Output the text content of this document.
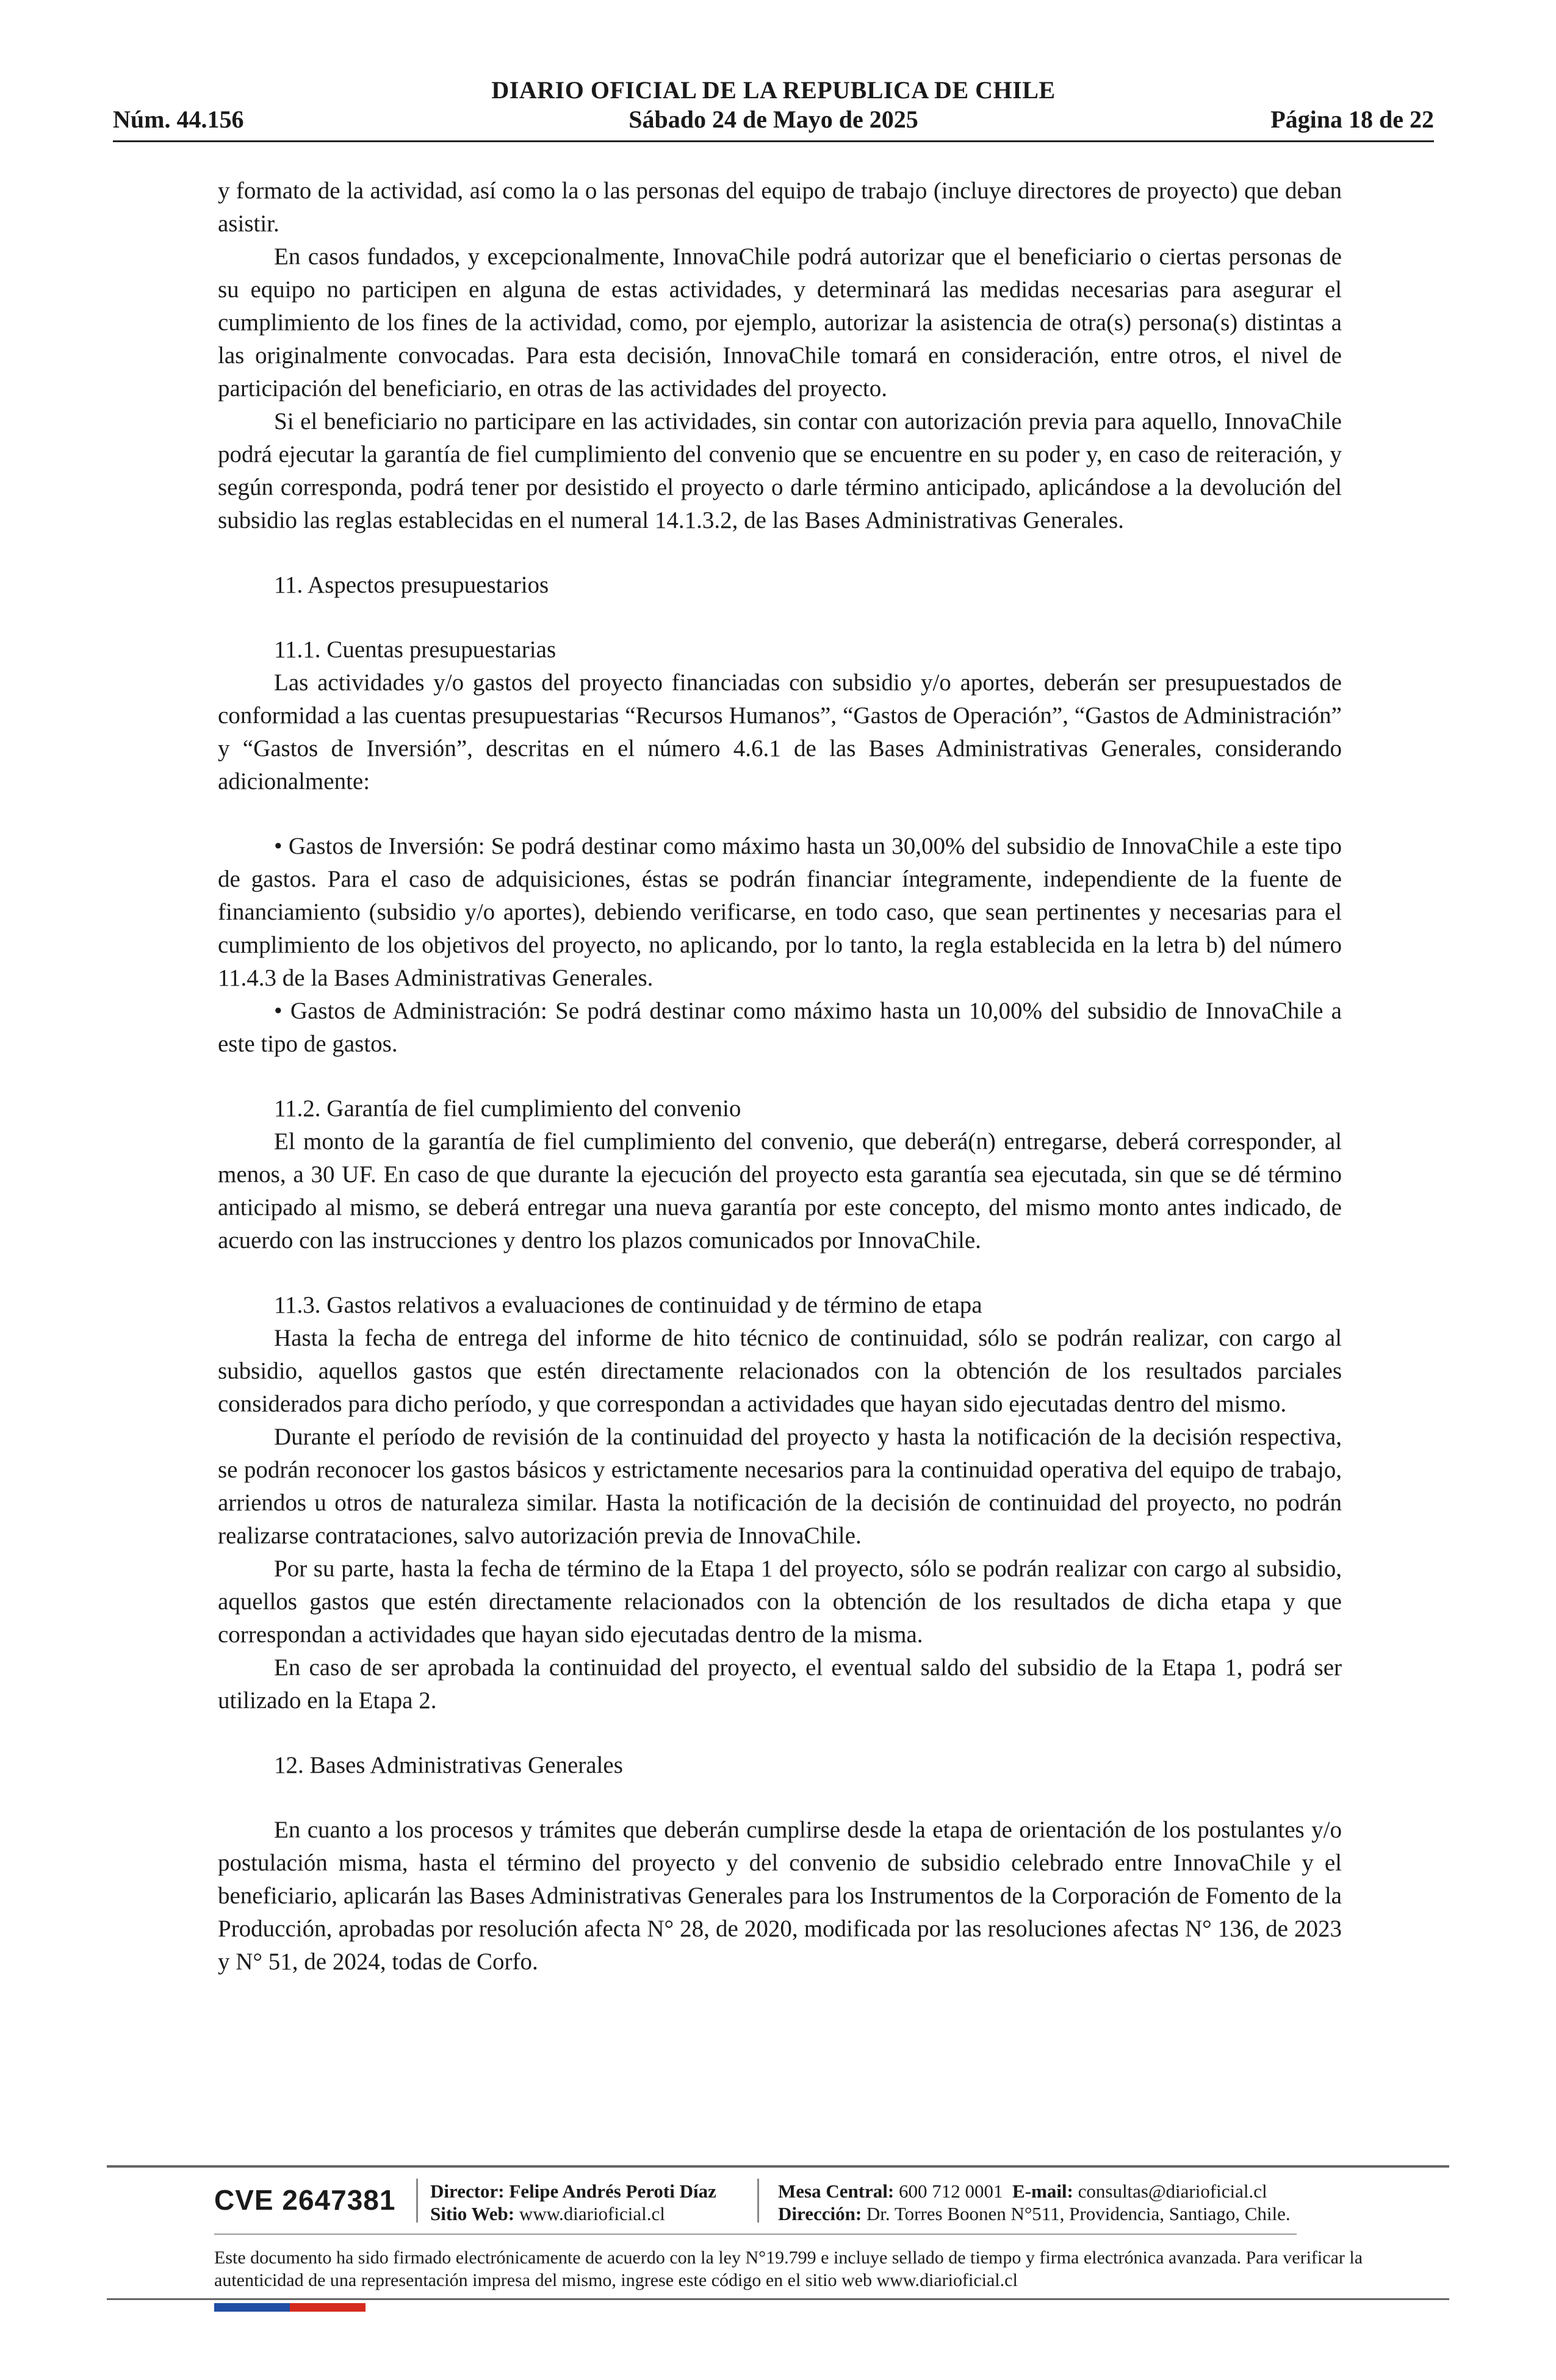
Núm. 44.156
DIARIO OFICIAL DE LA REPUBLICA DE CHILE
Sábado 24 de Mayo de 2025	Página 18 de 22

y formato de la actividad, así como la o las personas del equipo de trabajo (incluye directores de proyecto) que deban asistir.

En casos fundados, y excepcionalmente, InnovaChile podrá autorizar que el beneficiario o ciertas personas de su equipo no participen en alguna de estas actividades, y determinará las medidas necesarias para asegurar el cumplimiento de los fines de la actividad, como, por ejemplo, autorizar la asistencia de otra(s) persona(s) distintas a las originalmente convocadas. Para esta decisión, InnovaChile tomará en consideración, entre otros, el nivel de participación del beneficiario, en otras de las actividades del proyecto.

Si el beneficiario no participare en las actividades, sin contar con autorización previa para aquello, InnovaChile podrá ejecutar la garantía de fiel cumplimiento del convenio que se encuentre en su poder y, en caso de reiteración, y según corresponda, podrá tener por desistido el proyecto o darle término anticipado, aplicándose a la devolución del subsidio las reglas establecidas en el numeral 14.1.3.2, de las Bases Administrativas Generales.

11. Aspectos presupuestarios

11.1. Cuentas presupuestarias

Las actividades y/o gastos del proyecto financiadas con subsidio y/o aportes, deberán ser presupuestados de conformidad a las cuentas presupuestarias “Recursos Humanos”, “Gastos de Operación”, “Gastos de Administración” y “Gastos de Inversión”, descritas en el número 4.6.1 de las Bases Administrativas Generales, considerando adicionalmente:

• Gastos de Inversión: Se podrá destinar como máximo hasta un 30,00% del subsidio de InnovaChile a este tipo de gastos. Para el caso de adquisiciones, éstas se podrán financiar íntegramente, independiente de la fuente de financiamiento (subsidio y/o aportes), debiendo verificarse, en todo caso, que sean pertinentes y necesarias para el cumplimiento de los objetivos del proyecto, no aplicando, por lo tanto, la regla establecida en la letra b) del número 11.4.3 de la Bases Administrativas Generales.

• Gastos de Administración: Se podrá destinar como máximo hasta un 10,00% del subsidio de InnovaChile a este tipo de gastos.

11.2. Garantía de fiel cumplimiento del convenio

El monto de la garantía de fiel cumplimiento del convenio, que deberá(n) entregarse, deberá corresponder, al menos, a 30 UF. En caso de que durante la ejecución del proyecto esta garantía sea ejecutada, sin que se dé término anticipado al mismo, se deberá entregar una nueva garantía por este concepto, del mismo monto antes indicado, de acuerdo con las instrucciones y dentro los plazos comunicados por InnovaChile.

11.3. Gastos relativos a evaluaciones de continuidad y de término de etapa

Hasta la fecha de entrega del informe de hito técnico de continuidad, sólo se podrán realizar, con cargo al subsidio, aquellos gastos que estén directamente relacionados con la obtención de los resultados parciales considerados para dicho período, y que correspondan a actividades que hayan sido ejecutadas dentro del mismo.

Durante el período de revisión de la continuidad del proyecto y hasta la notificación de la decisión respectiva, se podrán reconocer los gastos básicos y estrictamente necesarios para la continuidad operativa del equipo de trabajo, arriendos u otros de naturaleza similar. Hasta la notificación de la decisión de continuidad del proyecto, no podrán realizarse contrataciones, salvo autorización previa de InnovaChile.

Por su parte, hasta la fecha de término de la Etapa 1 del proyecto, sólo se podrán realizar con cargo al subsidio, aquellos gastos que estén directamente relacionados con la obtención de los resultados de dicha etapa y que correspondan a actividades que hayan sido ejecutadas dentro de la misma.

En caso de ser aprobada la continuidad del proyecto, el eventual saldo del subsidio de la Etapa 1, podrá ser utilizado en la Etapa 2.

12. Bases Administrativas Generales

En cuanto a los procesos y trámites que deberán cumplirse desde la etapa de orientación de los postulantes y/o postulación misma, hasta el término del proyecto y del convenio de subsidio celebrado entre InnovaChile y el beneficiario, aplicarán las Bases Administrativas Generales para los Instrumentos de la Corporación de Fomento de la Producción, aprobadas por resolución afecta N° 28, de 2020, modificada por las resoluciones afectas N° 136, de 2023 y N° 51, de 2024, todas de Corfo.

CVE 2647381 Director: Felipe Andrés Peroti Díaz
Sitio Web: www.diarioficial.cl
Mesa Central: 600 712 0001 E-mail: consultas@diarioficial.cl
Dirección: Dr. Torres Boonen N°511, Providencia, Santiago, Chile.
Este documento ha sido firmado electrónicamente de acuerdo con la ley N°19.799 e incluye sellado de tiempo y firma electrónica avanzada. Para verificar la autenticidad de una representación impresa del mismo, ingrese este código en el sitio web www.diarioficial.cl
